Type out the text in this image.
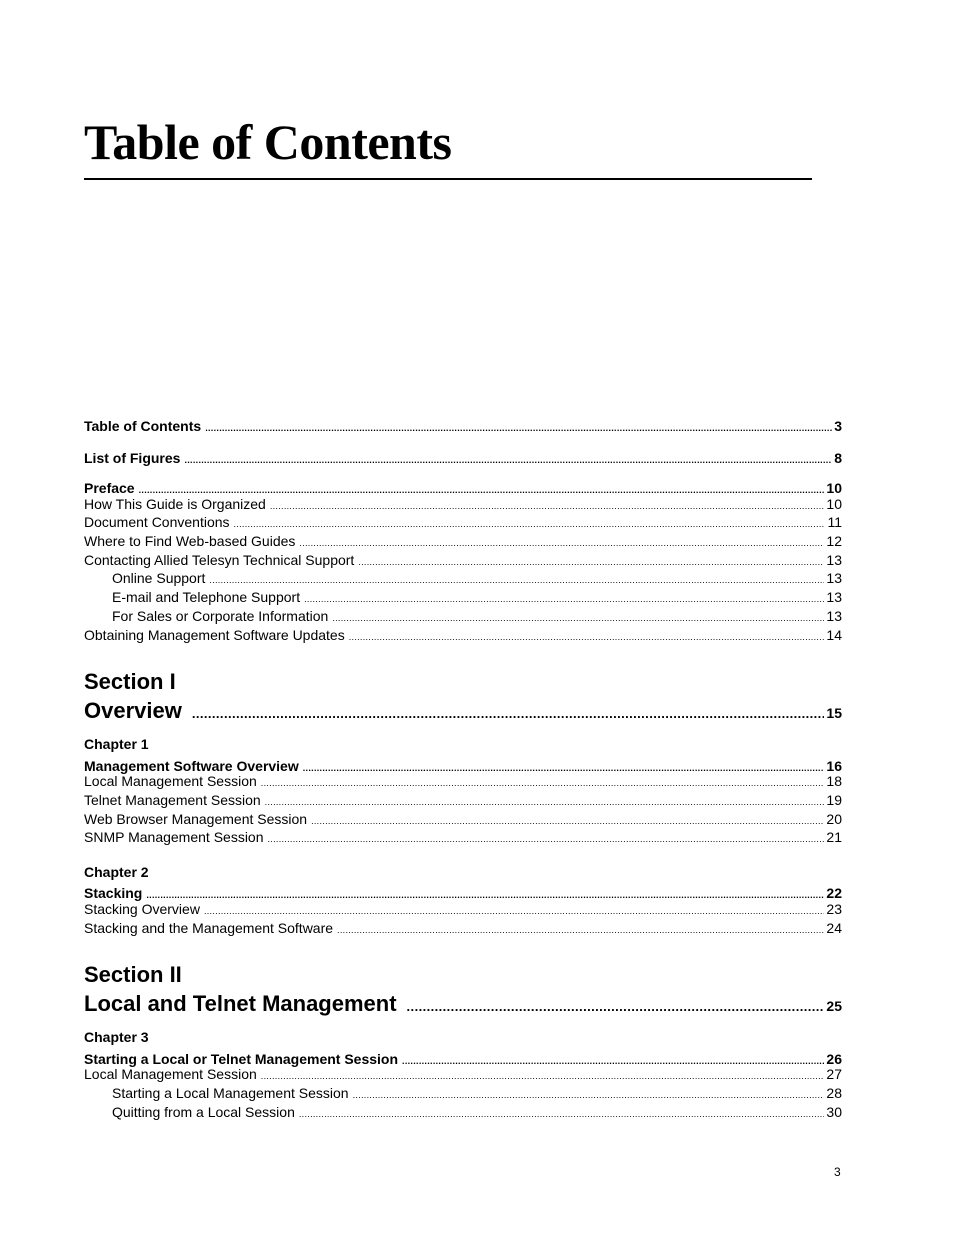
Table of Contents
Table of Contents .....	3
List of Figures .....	8
Preface .....	10
How This Guide is Organized .....	10
Document Conventions .....	11
Where to Find Web-based Guides .....	12
Contacting Allied Telesyn Technical Support .....	13
Online Support .....	13
E-mail and Telephone Support .....	13
For Sales or Corporate Information .....	13
Obtaining Management Software Updates .....	14
Section I
Overview .....	15
Chapter 1
Management Software Overview .....	16
Local Management Session .....	18
Telnet Management Session .....	19
Web Browser Management Session .....	20
SNMP Management Session .....	21
Chapter 2
Stacking .....	22
Stacking Overview .....	23
Stacking and the Management Software .....	24
Section II
Local and Telnet Management .....	25
Chapter 3
Starting a Local or Telnet Management Session .....	26
Local Management Session .....	27
Starting a Local Management Session .....	28
Quitting from a Local Session .....	30
3
